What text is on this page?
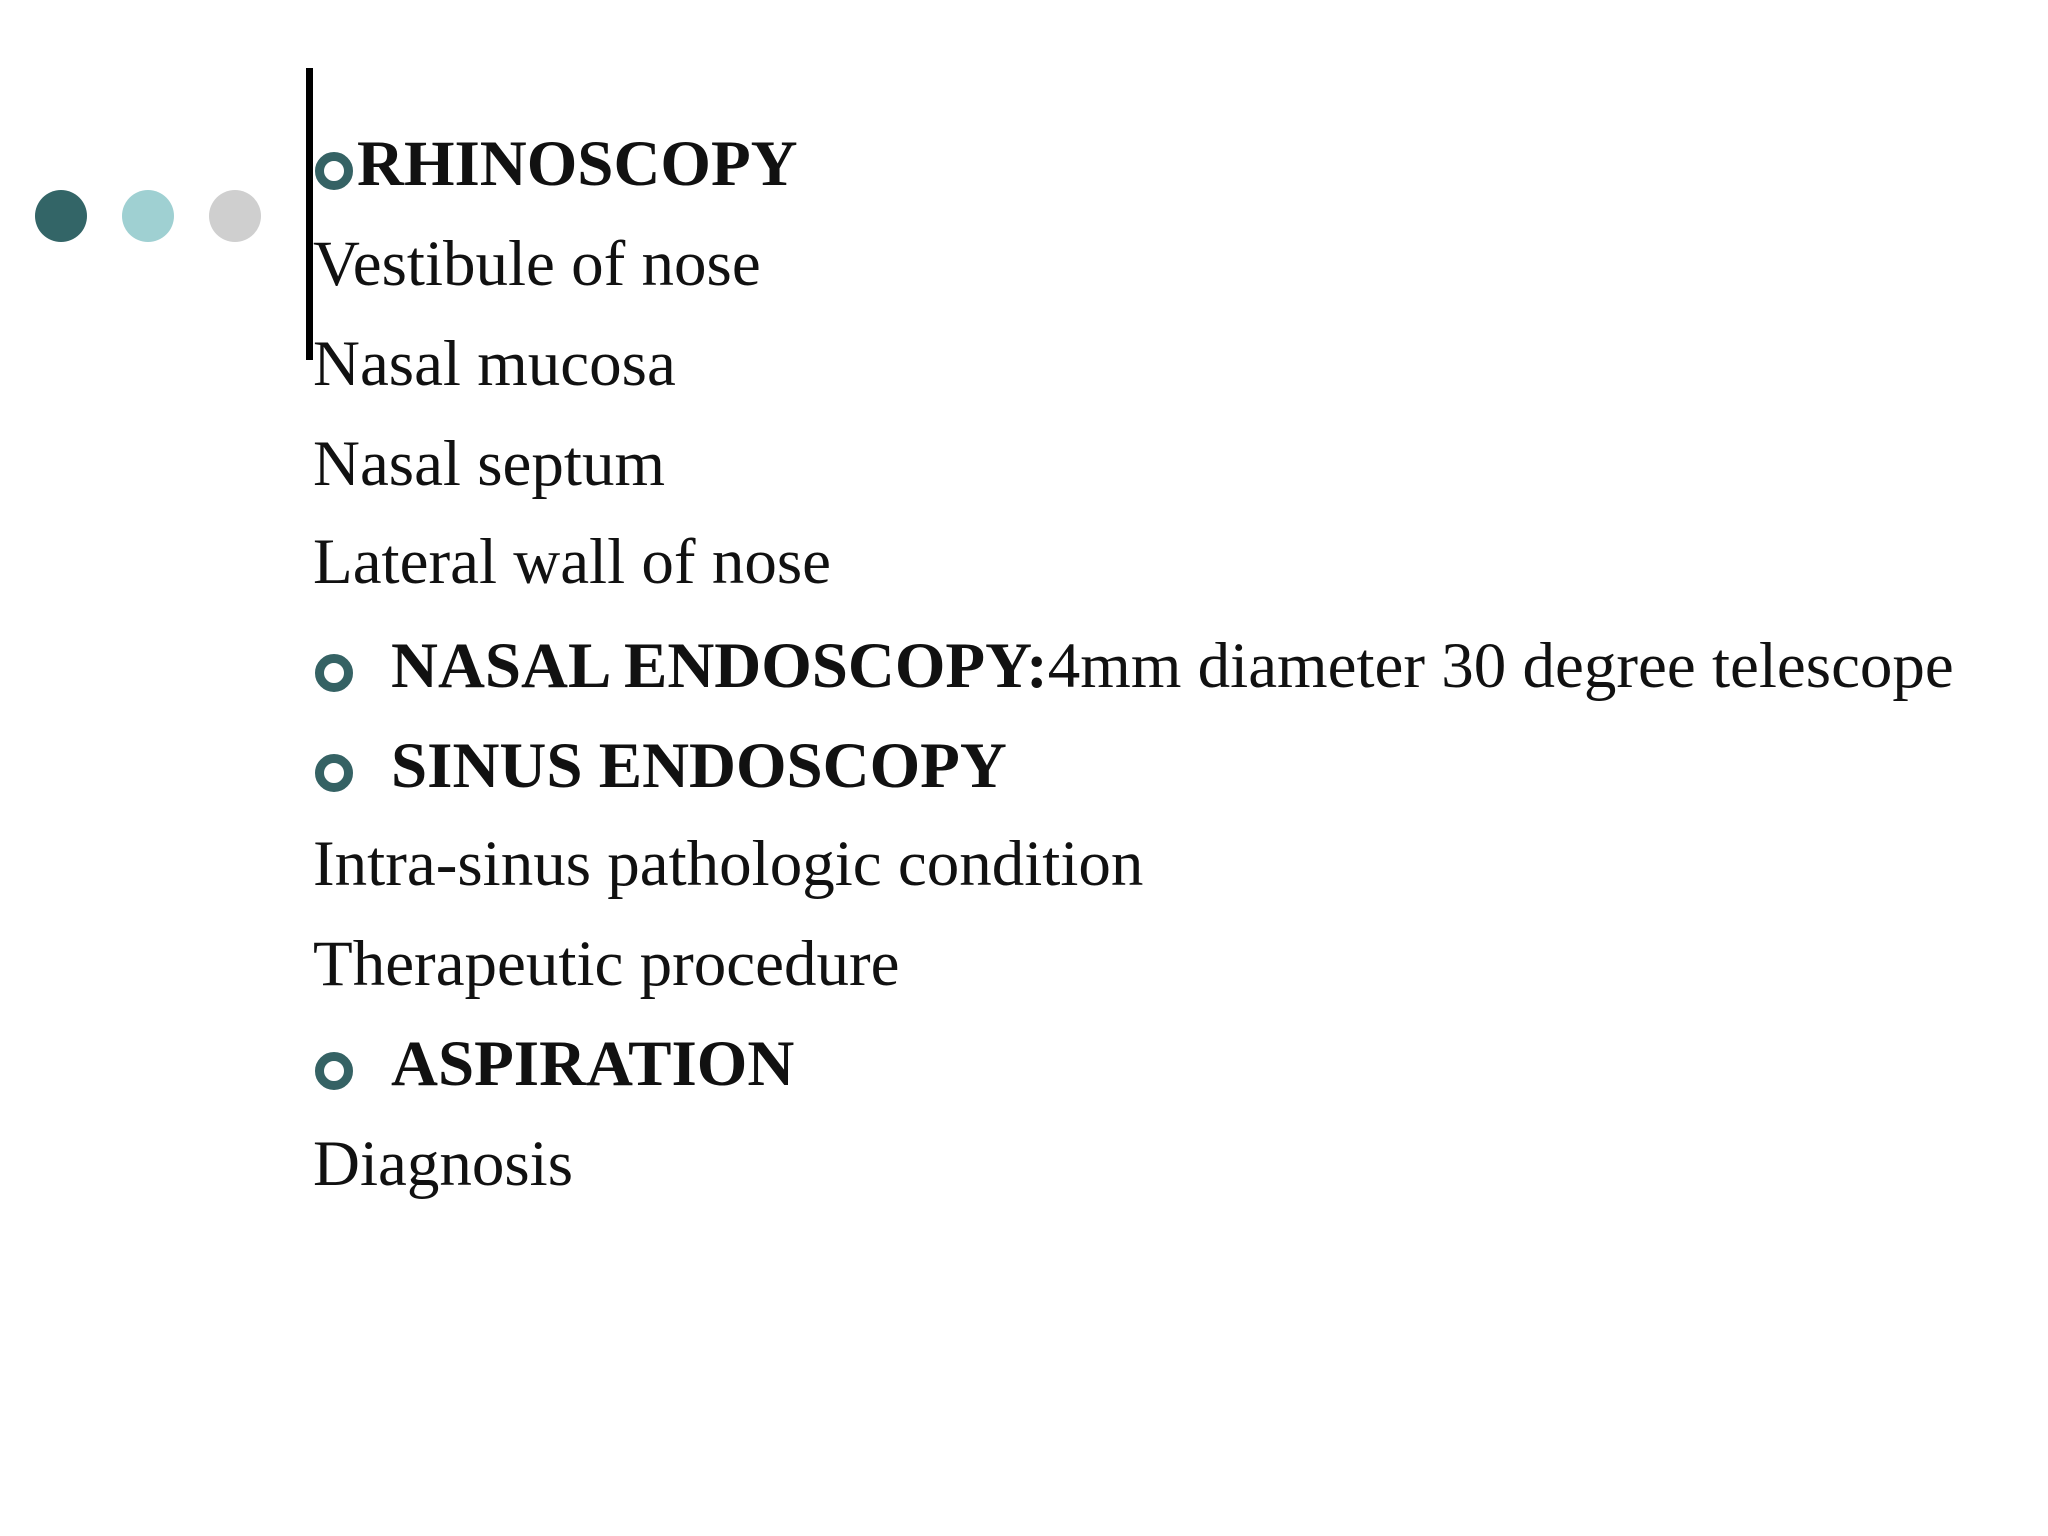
RHINOSCOPY
Vestibule of nose
Nasal mucosa
Nasal septum
Lateral wall of nose
NASAL ENDOSCOPY:4mm diameter 30 degree telescope
SINUS ENDOSCOPY
Intra-sinus pathologic condition
Therapeutic procedure
ASPIRATION
Diagnosis
